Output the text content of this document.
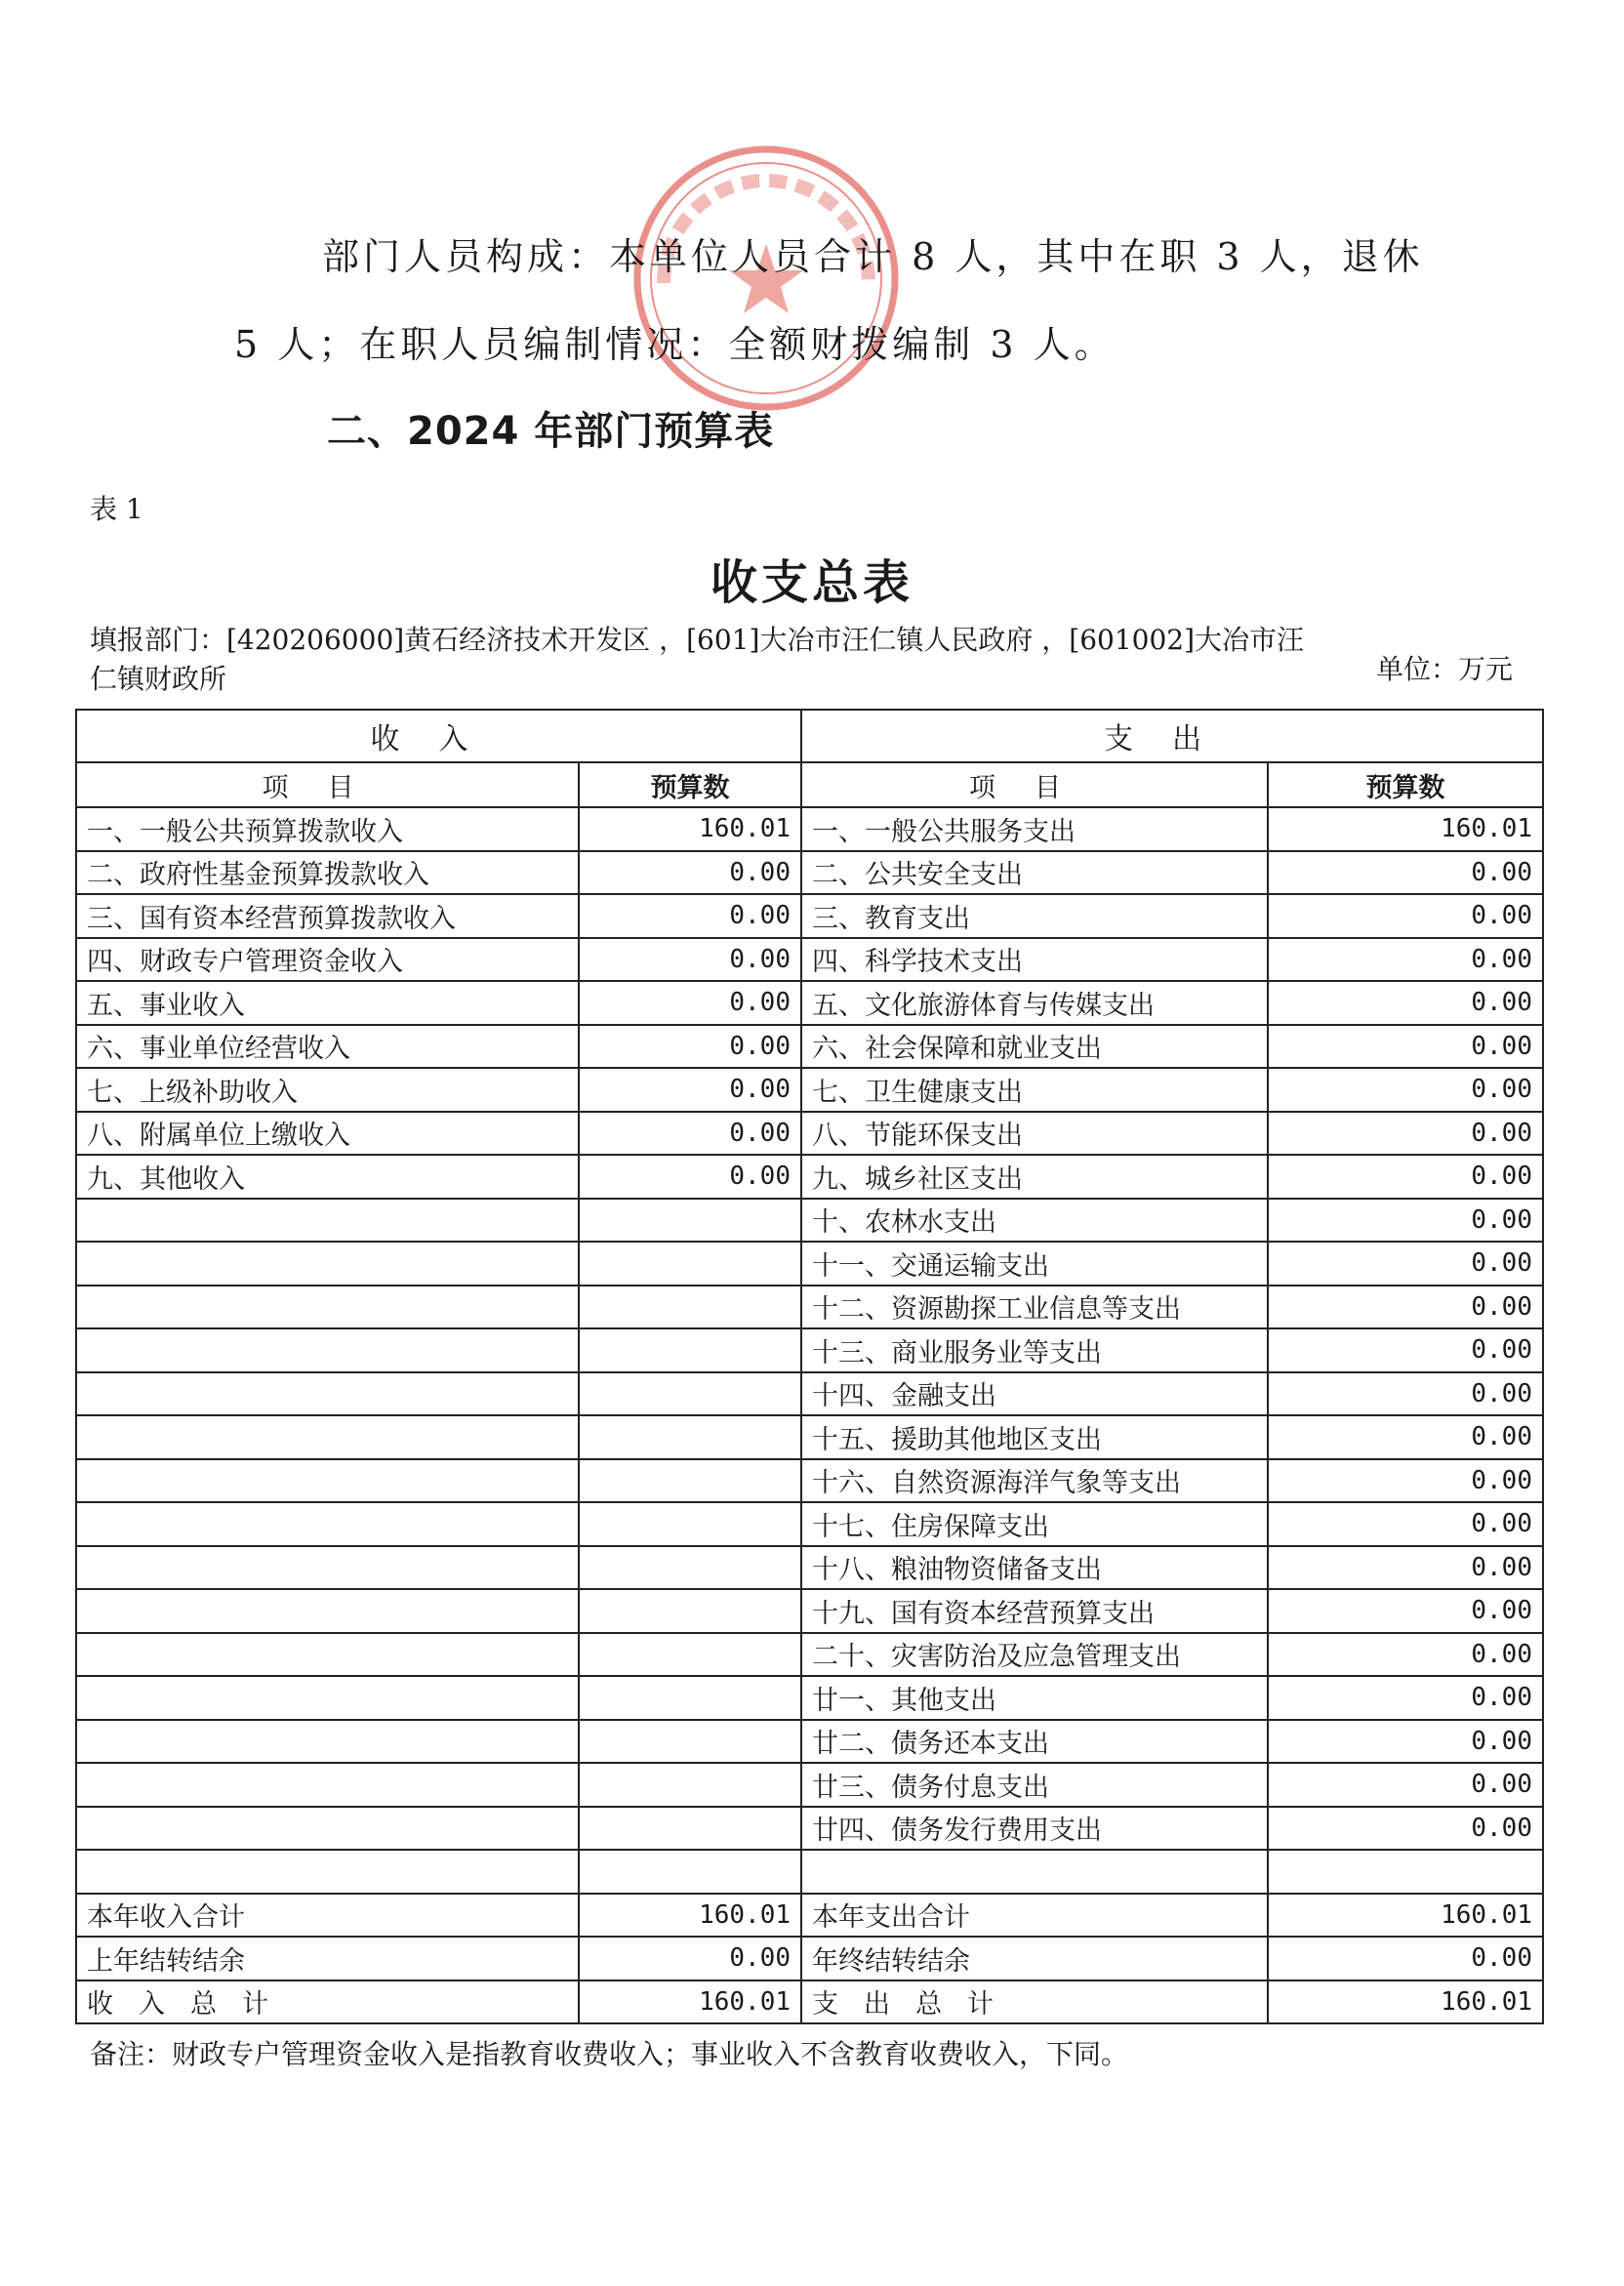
部门人员构成：本单位人员合计 8 人，其中在职 3 人，退休
5 人；在职人员编制情况：全额财拨编制 3 人。
二、2024 年部门预算表
表 1
收支总表
填报部门：[420206000]黄石经济技术开发区 ，[601]大冶市汪仁镇人民政府 ，[601002]大冶市汪仁镇财政所	单位：万元
收入		支出	
项目	预算数	项目	预算数
一、一般公共预算拨款收入	160.01	一、一般公共服务支出	160.01
二、政府性基金预算拨款收入	0.00	二、公共安全支出	0.00
三、国有资本经营预算拨款收入	0.00	三、教育支出	0.00
四、财政专户管理资金收入	0.00	四、科学技术支出	0.00
五、事业收入	0.00	五、文化旅游体育与传媒支出	0.00
六、事业单位经营收入	0.00	六、社会保障和就业支出	0.00
七、上级补助收入	0.00	七、卫生健康支出	0.00
八、附属单位上缴收入	0.00	八、节能环保支出	0.00
九、其他收入	0.00	九、城乡社区支出	0.00
		十、农林水支出	0.00
		十一、交通运输支出	0.00
		十二、资源勘探工业信息等支出	0.00
		十三、商业服务业等支出	0.00
		十四、金融支出	0.00
		十五、援助其他地区支出	0.00
		十六、自然资源海洋气象等支出	0.00
		十七、住房保障支出	0.00
		十八、粮油物资储备支出	0.00
		十九、国有资本经营预算支出	0.00
		二十、灾害防治及应急管理支出	0.00
		廿一、其他支出	0.00
		廿二、债务还本支出	0.00
		廿三、债务付息支出	0.00
		廿四、债务发行费用支出	0.00

本年收入合计	160.01	本年支出合计	160.01
上年结转结余	0.00	年终结转结余	0.00
收入总计	160.01	支出总计	160.01
备注：财政专户管理资金收入是指教育收费收入；事业收入不含教育收费收入，下同。
